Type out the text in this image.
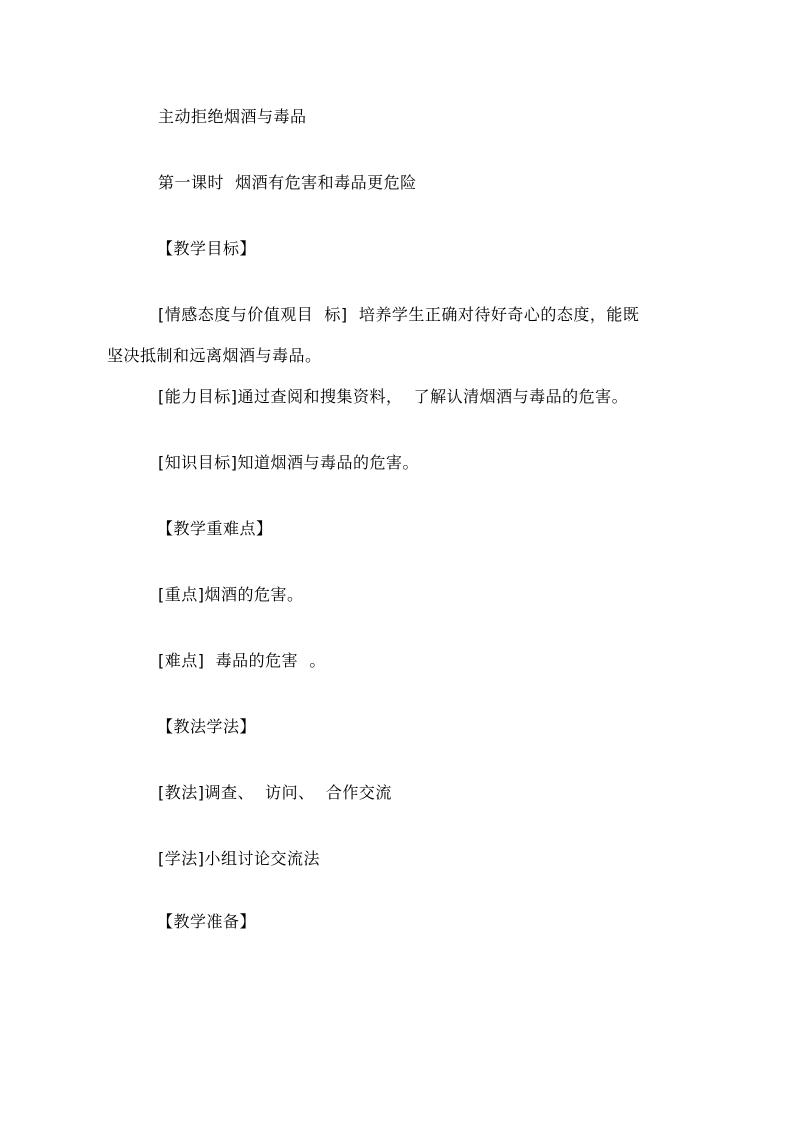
主动拒绝烟酒与毒品
第一课时  烟酒有危害和毒品更危险
【教学目标】
[情感态度与价值观目  标]  培养学生正确对待好奇心的态度，能既
坚决抵制和远离烟酒与毒品。
[能力目标]通过查阅和搜集资料，  了解认清烟酒与毒品的危害。
[知识目标]知道烟酒与毒品的危害。
【教学重难点】
[重点]烟酒的危害。
[难点]  毒品的危害  。
【教法学法】
[教法]调查、  访问、  合作交流
[学法]小组讨论交流法
【教学准备】
